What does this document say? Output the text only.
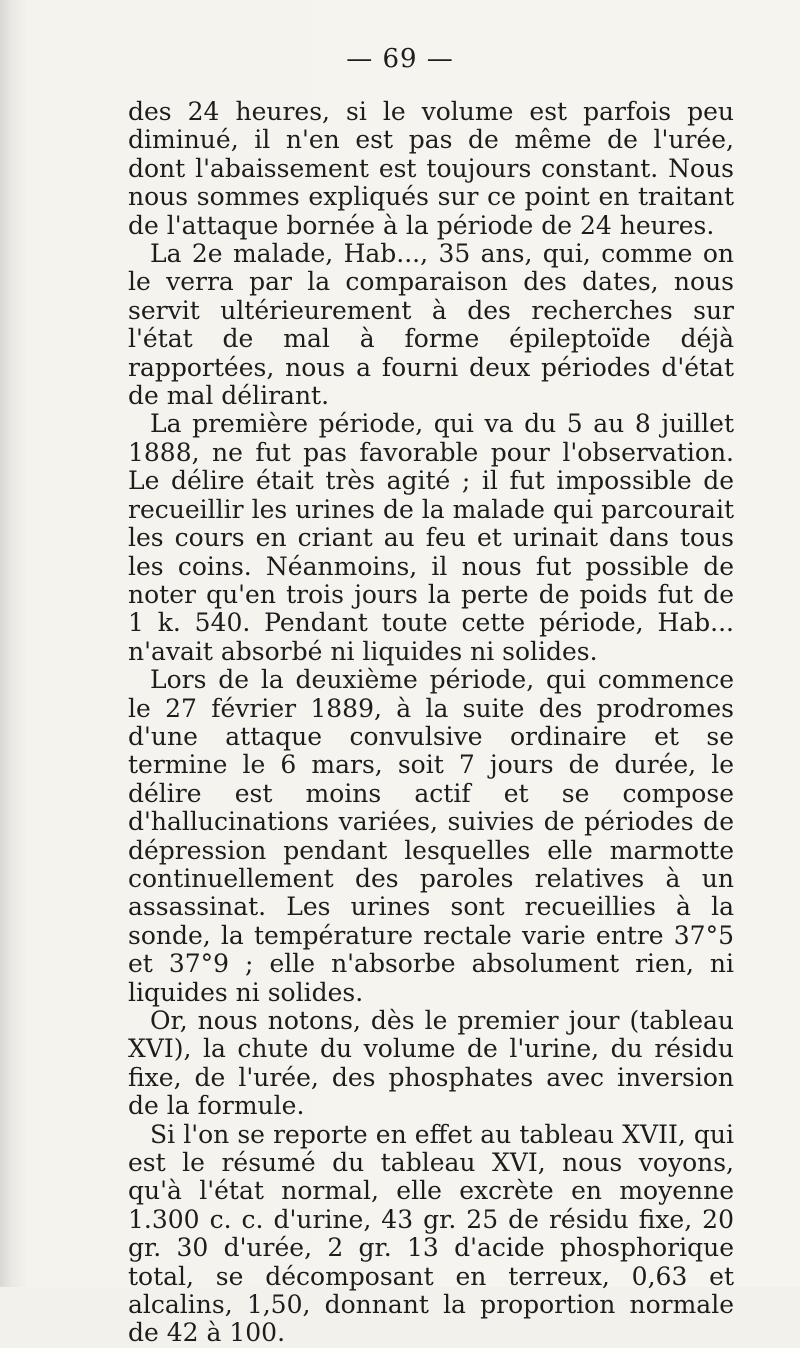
— 69 —

des 24 heures, si le volume est parfois peu diminué, il n'en est pas de même de l'urée, dont l'abaissement est toujours constant. Nous nous sommes expliqués sur ce point en traitant de l'attaque bornée à la période de 24 heures.

La 2e malade, Hab..., 35 ans, qui, comme on le verra par la comparaison des dates, nous servit ultérieurement à des recherches sur l'état de mal à forme épileptoïde déjà rapportées, nous a fourni deux périodes d'état de mal délirant.

La première période, qui va du 5 au 8 juillet 1888, ne fut pas favorable pour l'observation. Le délire était très agité ; il fut impossible de recueillir les urines de la malade qui parcourait les cours en criant au feu et urinait dans tous les coins. Néanmoins, il nous fut possible de noter qu'en trois jours la perte de poids fut de 1 k. 540. Pendant toute cette période, Hab... n'avait absorbé ni liquides ni solides.

Lors de la deuxième période, qui commence le 27 février 1889, à la suite des prodromes d'une attaque convulsive ordinaire et se termine le 6 mars, soit 7 jours de durée, le délire est moins actif et se compose d'hallucinations variées, suivies de périodes de dépression pendant lesquelles elle marmotte continuellement des paroles relatives à un assassinat. Les urines sont recueillies à la sonde, la température rectale varie entre 37°5 et 37°9 ; elle n'absorbe absolument rien, ni liquides ni solides.

Or, nous notons, dès le premier jour (tableau XVI), la chute du volume de l'urine, du résidu fixe, de l'urée, des phosphates avec inversion de la formule.

Si l'on se reporte en effet au tableau XVII, qui est le résumé du tableau XVI, nous voyons, qu'à l'état normal, elle excrète en moyenne 1.300 c. c. d'urine, 43 gr. 25 de résidu fixe, 20 gr. 30 d'urée, 2 gr. 13 d'acide phosphorique total, se décomposant en terreux, 0,63 et alcalins, 1,50, donnant la proportion normale de 42 à 100.
